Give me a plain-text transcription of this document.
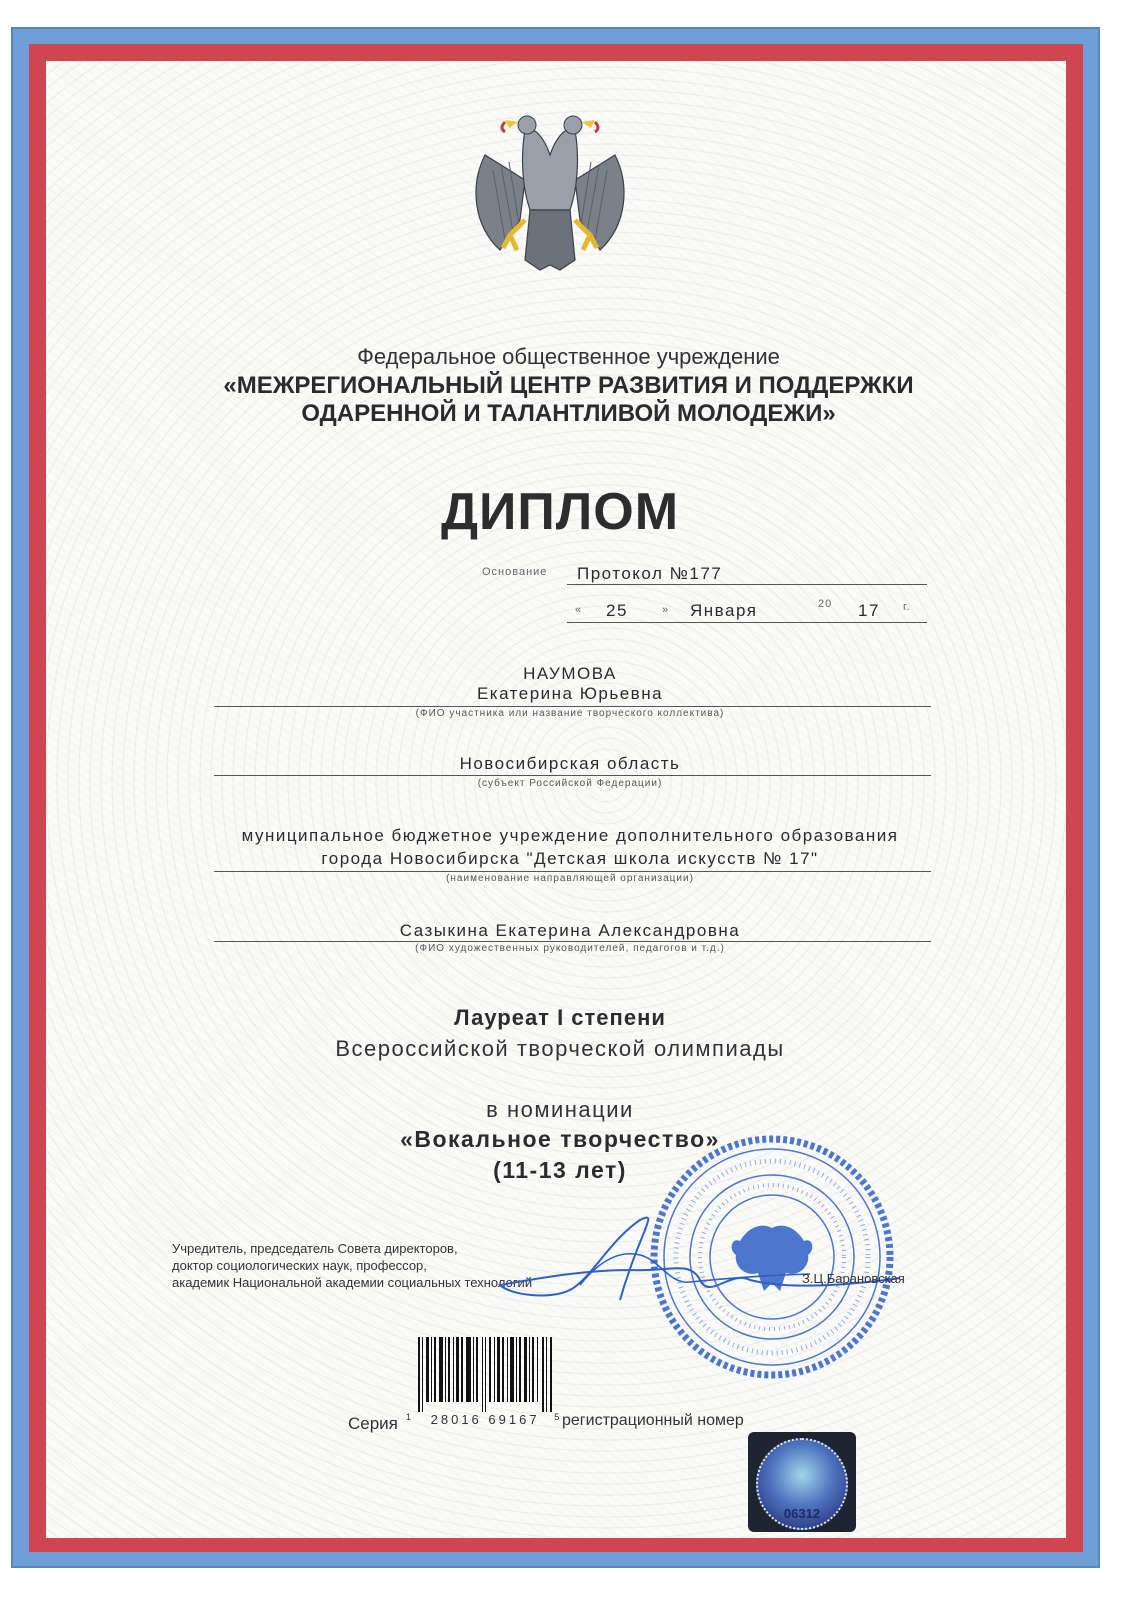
Федеральное общественное учреждение
«МЕЖРЕГИОНАЛЬНЫЙ ЦЕНТР РАЗВИТИЯ И ПОДДЕРЖКИ
ОДАРЕННОЙ И ТАЛАНТЛИВОЙ МОЛОДЕЖИ»
ДИПЛОМ
Основание Протокол №177
« 25	» Января	20 17 г.
НАУМОВА
Екатерина Юрьевна
(ФИО участника или название творческого коллектива)
Новосибирская область
(субъект Российской Федерации)
муниципальное бюджетное учреждение дополнительного образования
города Новосибирска "Детская школа искусств № 17"
(наименование направляющей организации)
Сазыкина Екатерина Александровна
(ФИО художественных руководителей, педагогов и т.д.)
Лауреат I степени
Всероссийской творческой олимпиады
в номинации
«Вокальное творчество»
(11-13 лет)
Учредитель, председатель Совета директоров,
доктор социологических наук, профессор,
академик Национальной академии социальных технологий	З.Ц.Барановская
Серия $^1$ 28016 69167 $^5$ регистрационный номер
06312
